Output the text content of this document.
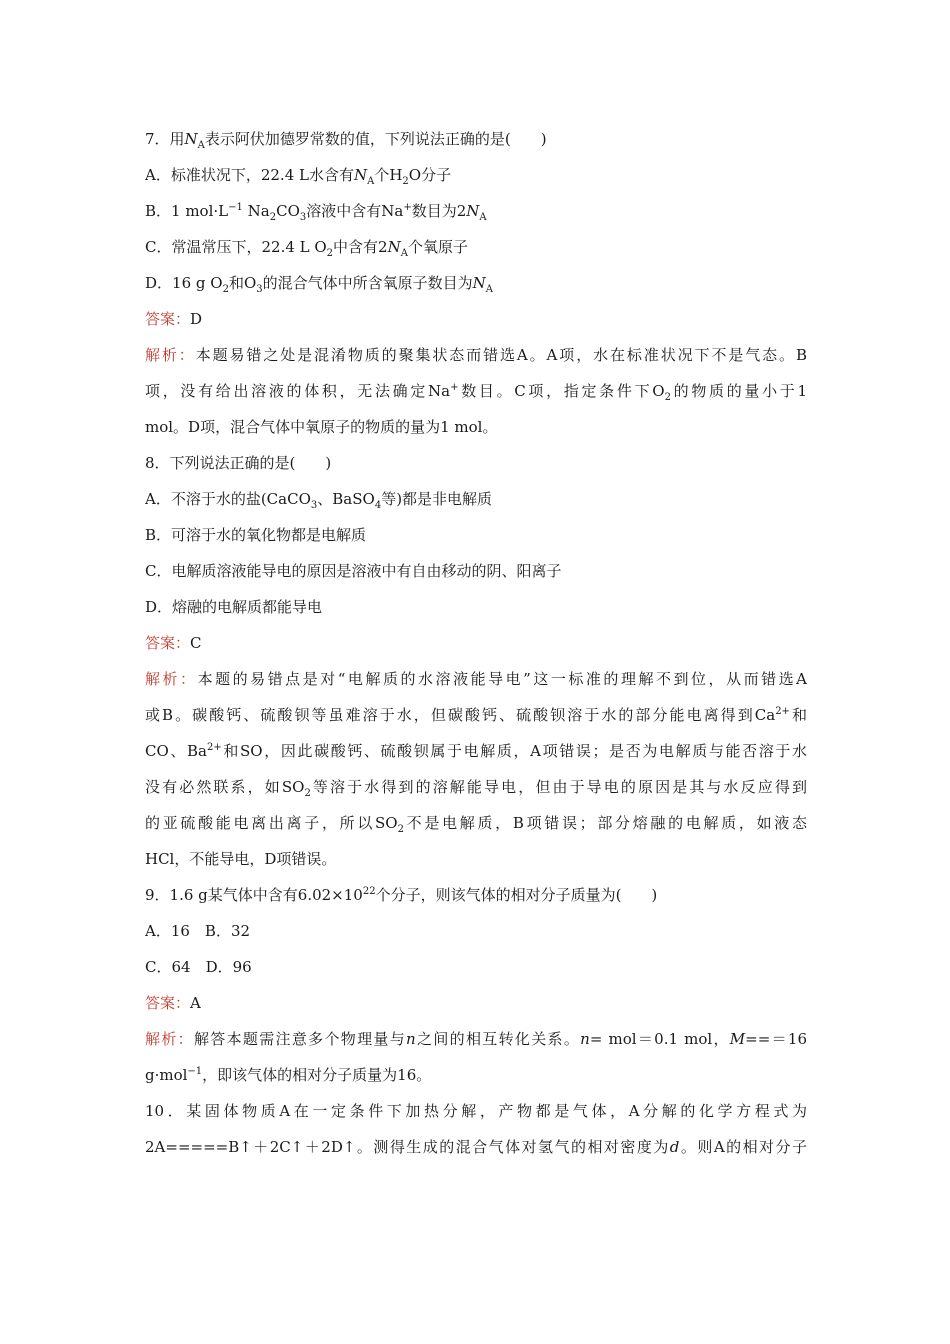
7．用$N_A$表示阿伏加德罗常数的值，下列说法正确的是(　　)
A．标准状况下，22.4 L水含有$N_A$个$H_2O$分子
B．1 $mol\cdot L^{-1}$ $Na_2CO_3$溶液中含有Na+数目为$2N_A$
C．常温常压下，22.4 L $O_2$中含有$2N_A$个氧原子
D．16 g $O_2$和$O_3$的混合气体中所含氧原子数目为$N_A$
答案：D
解析：本题易错之处是混淆物质的聚集状态而错选A。A项，水在标准状况下不是气态。B
项，没有给出溶液的体积，无法确定Na+数目。C项，指定条件下$O_2$的物质的量小于1
mol。D项，混合气体中氧原子的物质的量为1 mol。
8．下列说法正确的是(　　)
A．不溶于水的盐(CaCO$_3$、BaSO$_4$等)都是非电解质
B．可溶于水的氧化物都是电解质
C．电解质溶液能导电的原因是溶液中有自由移动的阴、阳离子
D．熔融的电解质都能导电
答案：C
解析：本题的易错点是对“电解质的水溶液能导电”这一标准的理解不到位，从而错选A
或B。碳酸钙、硫酸钡等虽难溶于水，但碳酸钙、硫酸钡溶于水的部分能电离得到$Ca^{2+}$和
CO、$Ba^{2+}$和SO，因此碳酸钙、硫酸钡属于电解质，A项错误；是否为电解质与能否溶于水
没有必然联系，如$SO_2$等溶于水得到的溶解能导电，但由于导电的原因是其与水反应得到
的亚硫酸能电离出离子，所以$SO_2$不是电解质，B项错误；部分熔融的电解质，如液态
HCl，不能导电，D项错误。
9．1.6 g某气体中含有$6.02\times 10^{22}$个分子，则该气体的相对分子质量为(　　)
A．16　B．32
C．64　D．96
答案：A
解析：解答本题需注意多个物理量与n之间的相互转化关系。n= mol＝0.1 mol，M==＝16
g·mol$^{-1}$，即该气体的相对分子质量为16。
10．某固体物质A在一定条件下加热分解，产物都是气体，A分解的化学方程式为
2A=====B↑＋2C↑＋2D↑。测得生成的混合气体对氢气的相对密度为d。则A的相对分子
